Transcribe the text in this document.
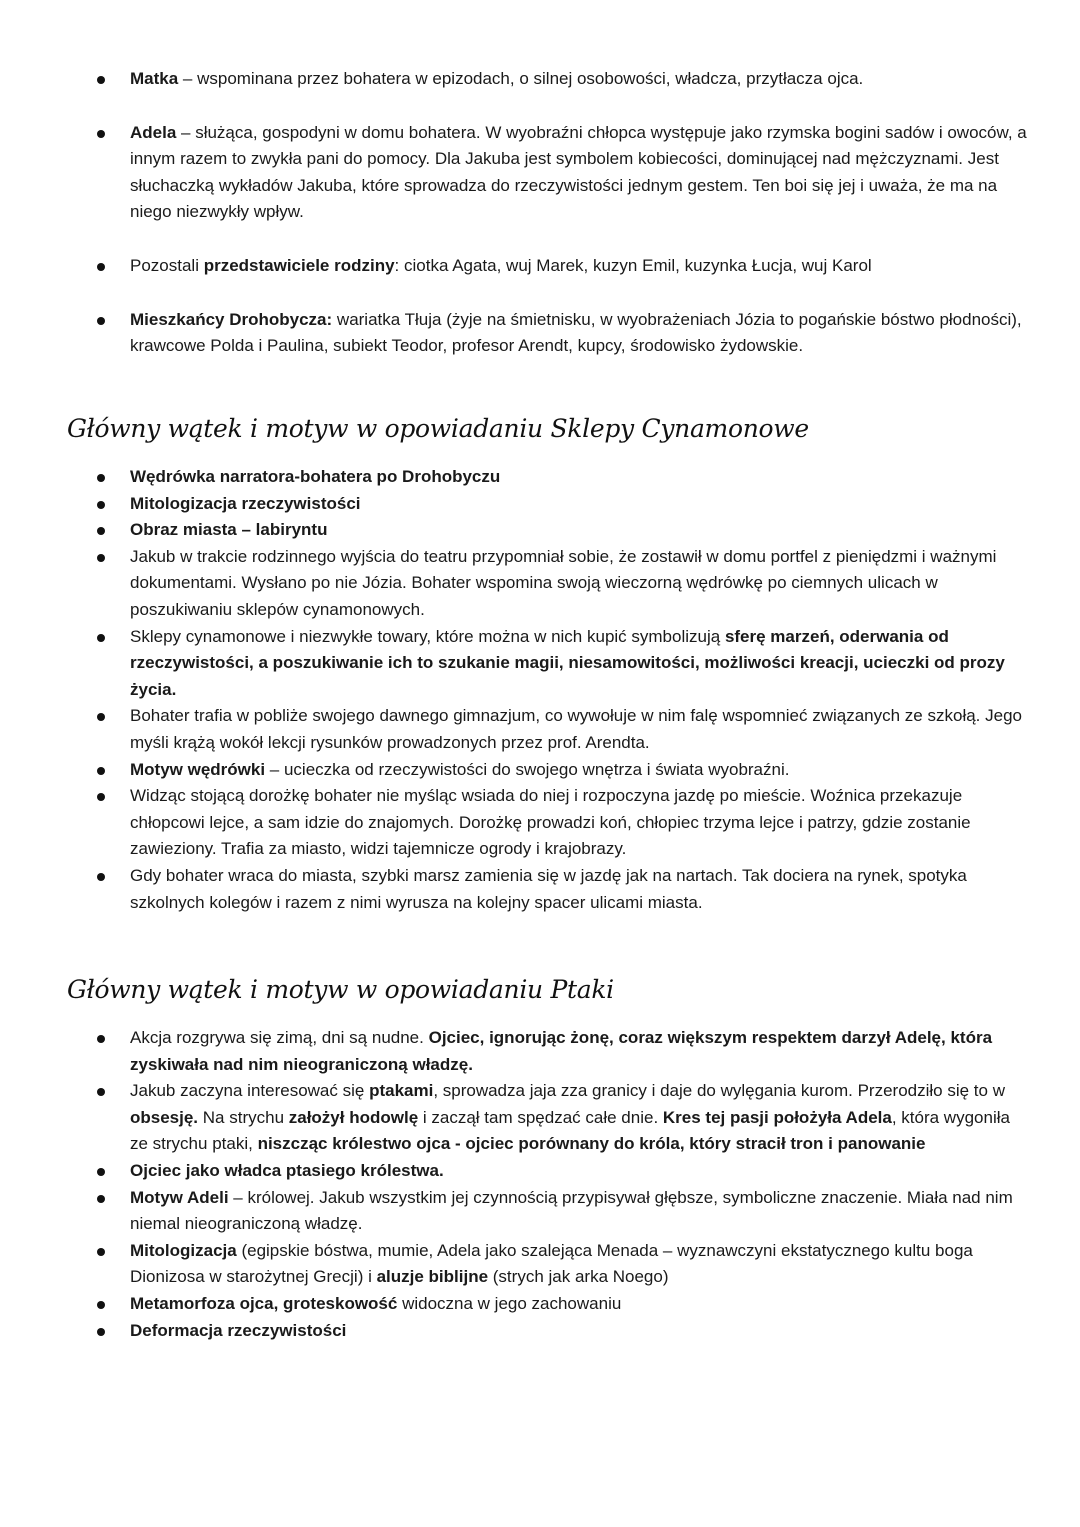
Matka – wspominana przez bohatera w epizodach, o silnej osobowości, władcza, przytłacza ojca.
Adela – służąca, gospodyni w domu bohatera. W wyobraźni chłopca występuje jako rzymska bogini sadów i owoców, a innym razem to zwykła pani do pomocy. Dla Jakuba jest symbolem kobiecości, dominującej nad mężczyznami. Jest słuchaczką wykładów Jakuba, które sprowadza do rzeczywistości jednym gestem. Ten boi się jej i uważa, że ma na niego niezwykły wpływ.
Pozostali przedstawiciele rodziny: ciotka Agata, wuj Marek, kuzyn Emil, kuzynka Łucja, wuj Karol
Mieszkańcy Drohobycza: wariatka Tłuja (żyje na śmietnisku, w wyobrażeniach Józia to pogańskie bóstwo płodności), krawcowe Polda i Paulina, subiekt Teodor, profesor Arendt, kupcy, środowisko żydowskie.
Główny wątek i motyw w opowiadaniu Sklepy Cynamonowe
Wędrówka narratora-bohatera po Drohobyczu
Mitologizacja rzeczywistości
Obraz miasta – labiryntu
Jakub w trakcie rodzinnego wyjścia do teatru przypomniał sobie, że zostawił w domu portfel z pieniędzmi i ważnymi dokumentami. Wysłano po nie Józia. Bohater wspomina swoją wieczorną wędrówkę po ciemnych ulicach w poszukiwaniu sklepów cynamonowych.
Sklepy cynamonowe i niezwykłe towary, które można w nich kupić symbolizują sferę marzeń, oderwania od rzeczywistości, a poszukiwanie ich to szukanie magii, niesamowitości, możliwości kreacji, ucieczki od prozy życia.
Bohater trafia w pobliże swojego dawnego gimnazjum, co wywołuje w nim falę wspomnieć związanych ze szkołą. Jego myśli krążą wokół lekcji rysunków prowadzonych przez prof. Arendta.
Motyw wędrówki – ucieczka od rzeczywistości do swojego wnętrza i świata wyobraźni.
Widząc stojącą dorożkę bohater nie myśląc wsiada do niej i rozpoczyna jazdę po mieście. Woźnica przekazuje chłopcowi lejce, a sam idzie do znajomych. Dorożkę prowadzi koń, chłopiec trzyma lejce i patrzy, gdzie zostanie zawieziony. Trafia za miasto, widzi tajemnicze ogrody i krajobrazy.
Gdy bohater wraca do miasta, szybki marsz zamienia się w jazdę jak na nartach. Tak dociera na rynek, spotyka szkolnych kolegów i razem z nimi wyrusza na kolejny spacer ulicami miasta.
Główny wątek i motyw w opowiadaniu Ptaki
Akcja rozgrywa się zimą, dni są nudne. Ojciec, ignorując żonę, coraz większym respektem darzył Adelę, która zyskiwała nad nim nieograniczoną władzę.
Jakub zaczyna interesować się ptakami, sprowadza jaja zza granicy i daje do wylęgania kurom. Przerodziło się to w obsesję. Na strychu założył hodowlę i zaczął tam spędzać całe dnie. Kres tej pasji położyła Adela, która wygoniła ze strychu ptaki, niszcząc królestwo ojca - ojciec porównany do króla, który stracił tron i panowanie
Ojciec jako władca ptasiego królestwa.
Motyw Adeli – królowej. Jakub wszystkim jej czynnością przypisywał głębsze, symboliczne znaczenie. Miała nad nim niemal nieograniczoną władzę.
Mitologizacja (egipskie bóstwa, mumie, Adela jako szalejąca Menada – wyznawczyni ekstatycznego kultu boga Dionizosa w starożytnej Grecji) i aluzje biblijne (strych jak arka Noego)
Metamorfoza ojca, groteskowość widoczna w jego zachowaniu
Deformacja rzeczywistości
